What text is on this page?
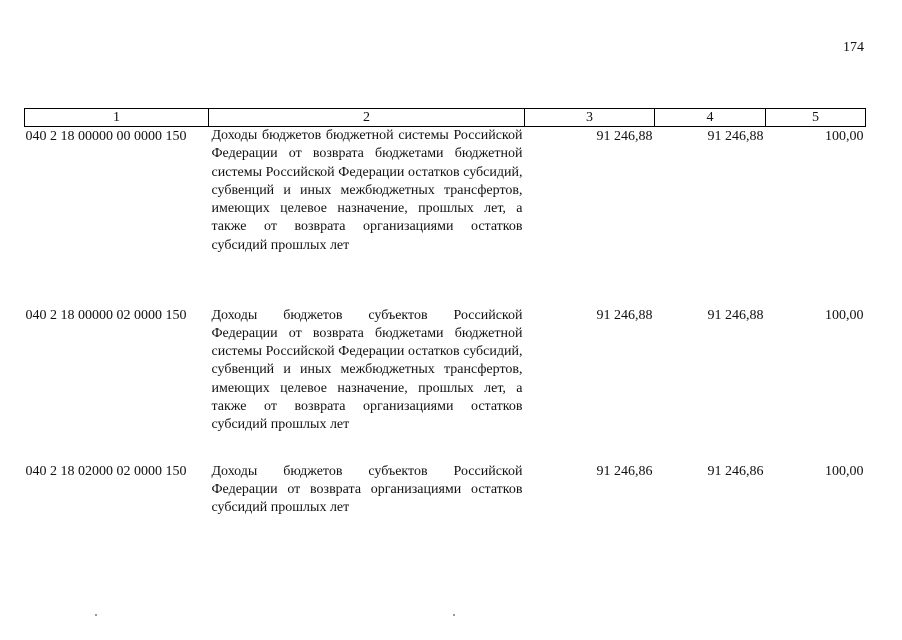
174
1	2	3	4	5
040 2 18 00000 00 0000 150	Доходы бюджетов бюджетной системы Российской Федерации от возврата бюджетами бюджетной системы Российской Федерации остатков субсидий, субвенций и иных межбюджетных трансфертов, имеющих целевое назначение, прошлых лет, а также от возврата организациями остатков субсидий прошлых лет	91 246,88	91 246,88	100,00
040 2 18 00000 02 0000 150	Доходы бюджетов субъектов Российской Федерации от возврата бюджетами бюджетной системы Российской Федерации остатков субсидий, субвенций и иных межбюджетных трансфертов, имеющих целевое назначение, прошлых лет, а также от возврата организациями остатков субсидий прошлых лет	91 246,88	91 246,88	100,00
040 2 18 02000 02 0000 150	Доходы бюджетов субъектов Российской Федерации от возврата организациями остатков субсидий прошлых лет	91 246,86	91 246,86	100,00
